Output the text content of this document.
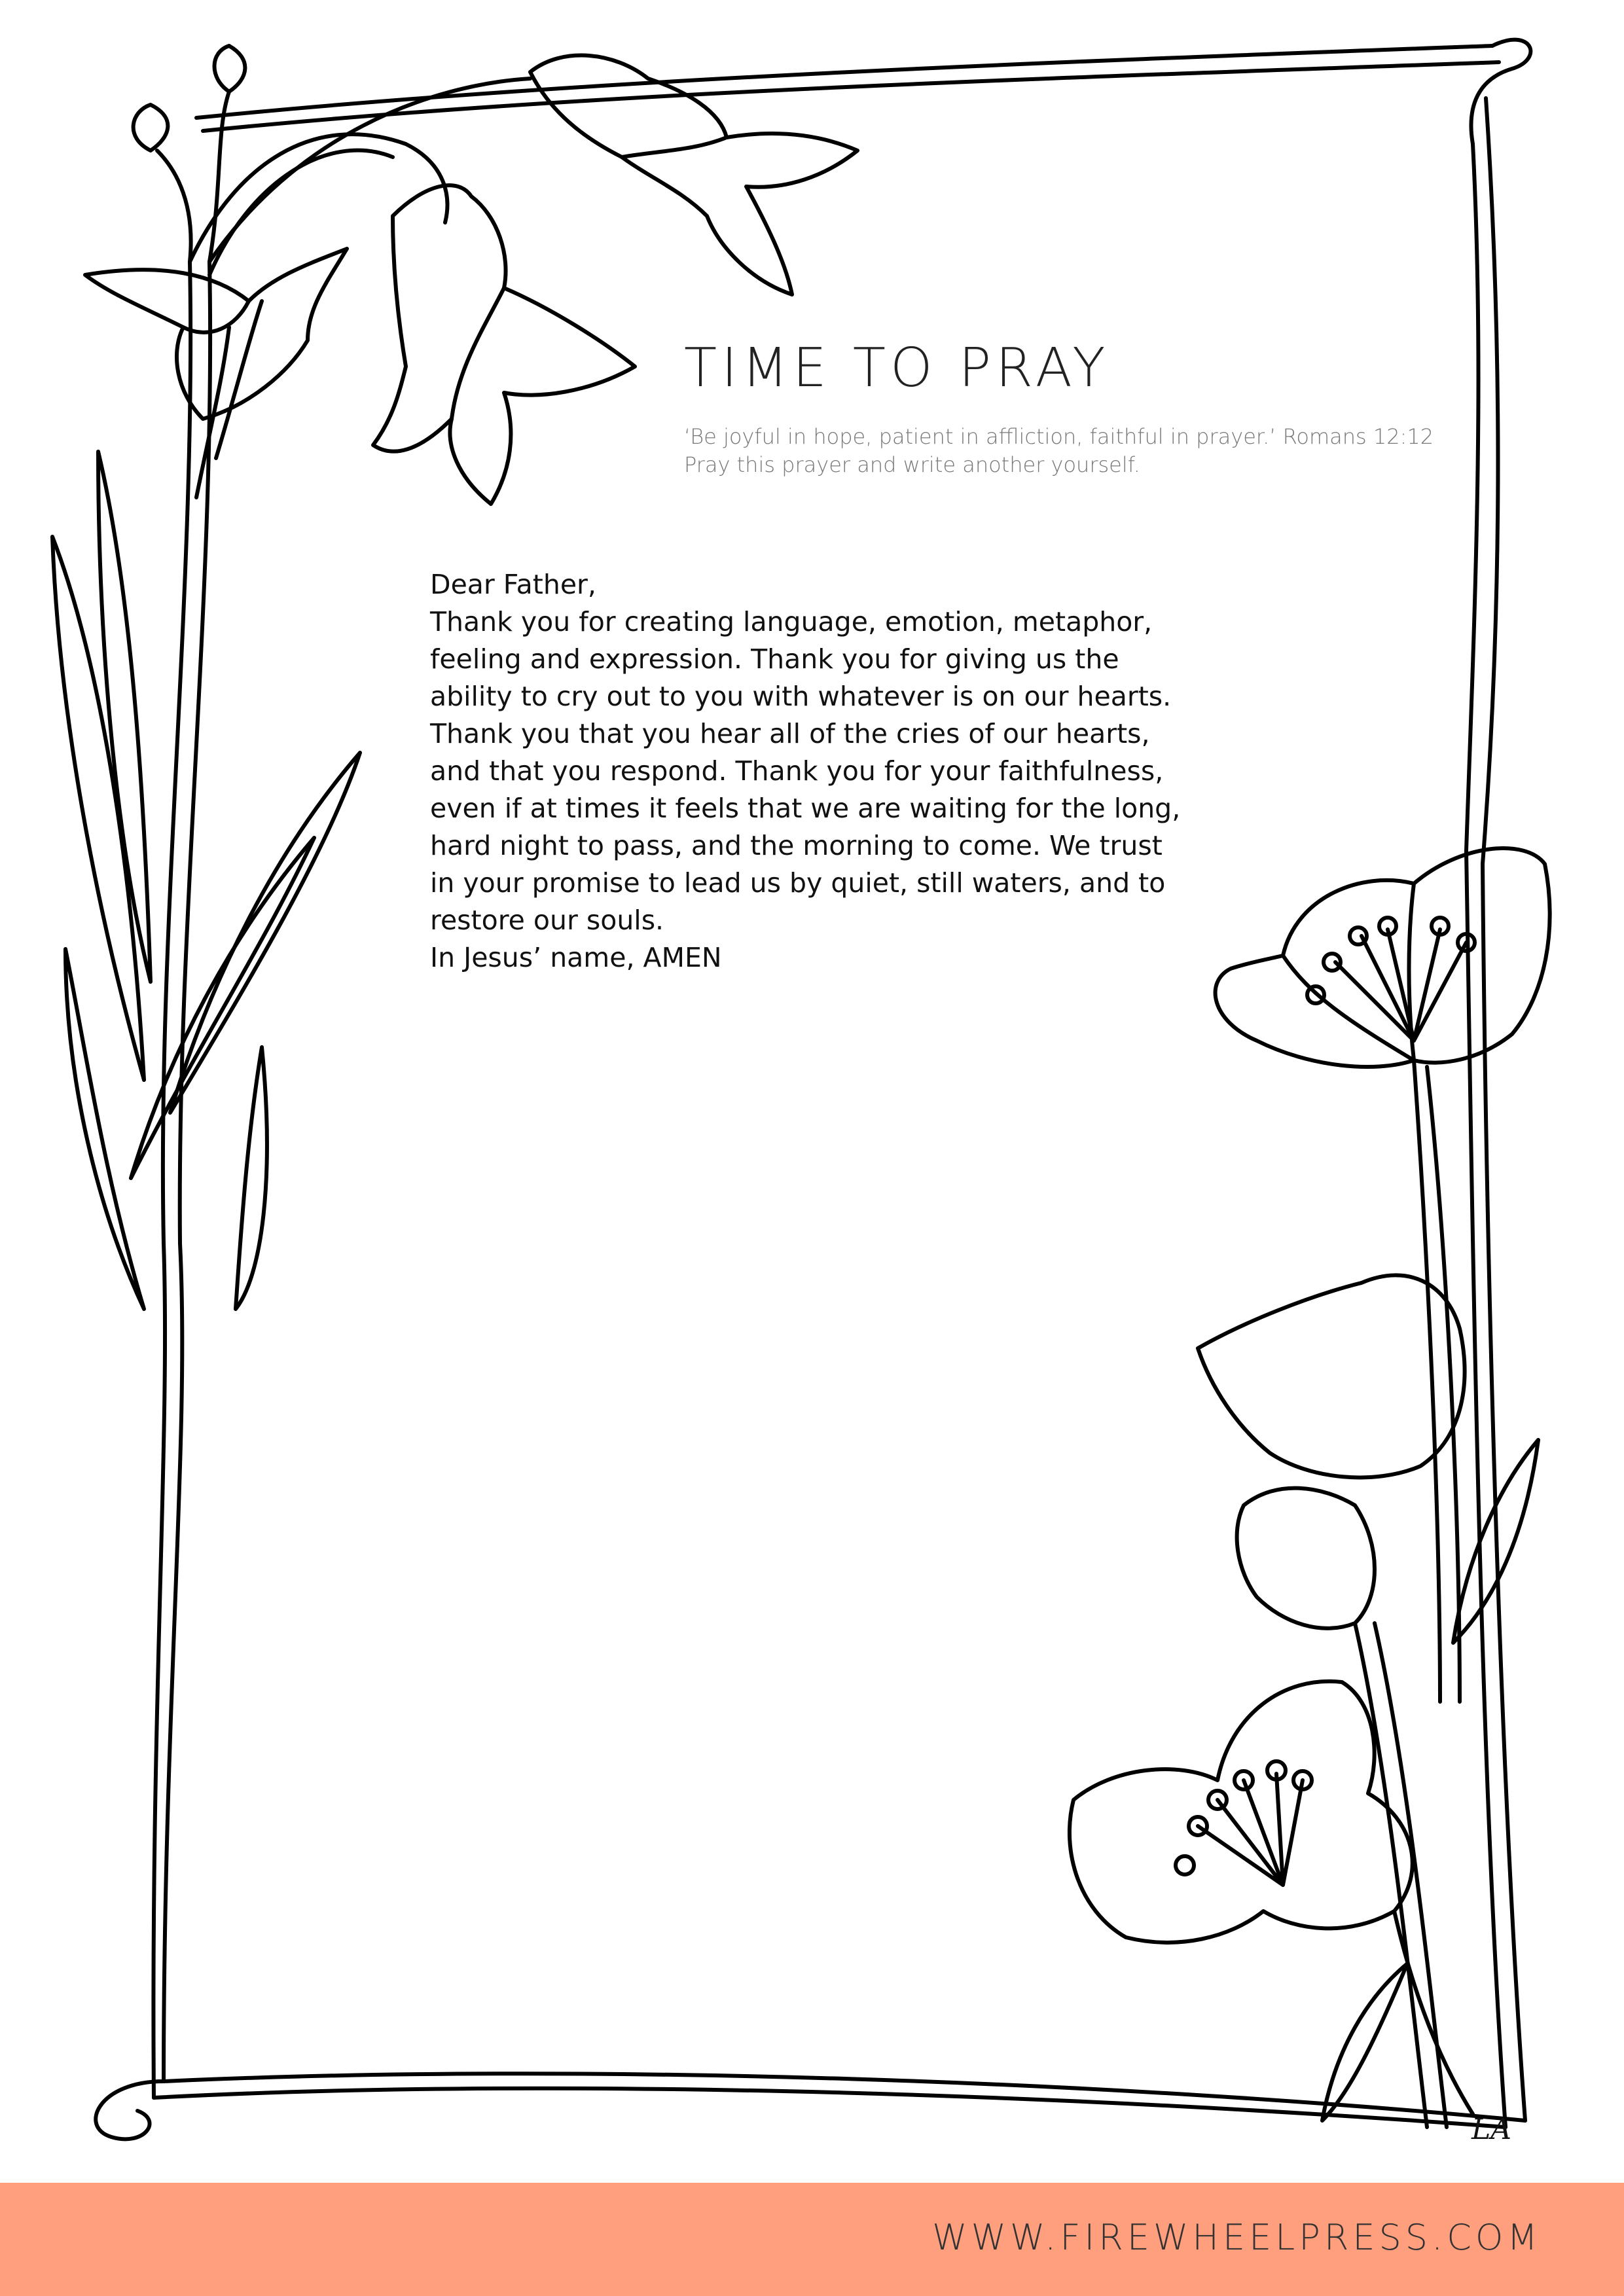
TIME TO PRAY
‘Be joyful in hope, patient in affliction, faithful in prayer.’ Romans 12:12
Pray this prayer and write another yourself.
Dear Father,
Thank you for creating language, emotion, metaphor,
feeling and expression. Thank you for giving us the
ability to cry out to you with whatever is on our hearts.
Thank you that you hear all of the cries of our hearts,
and that you respond. Thank you for your faithfulness,
even if at times it feels that we are waiting for the long,
hard night to pass, and the morning to come. We trust
in your promise to lead us by quiet, still waters, and to
restore our souls.
In Jesus’ name, AMEN
LA
WWW.FIREWHEELPRESS.COM
